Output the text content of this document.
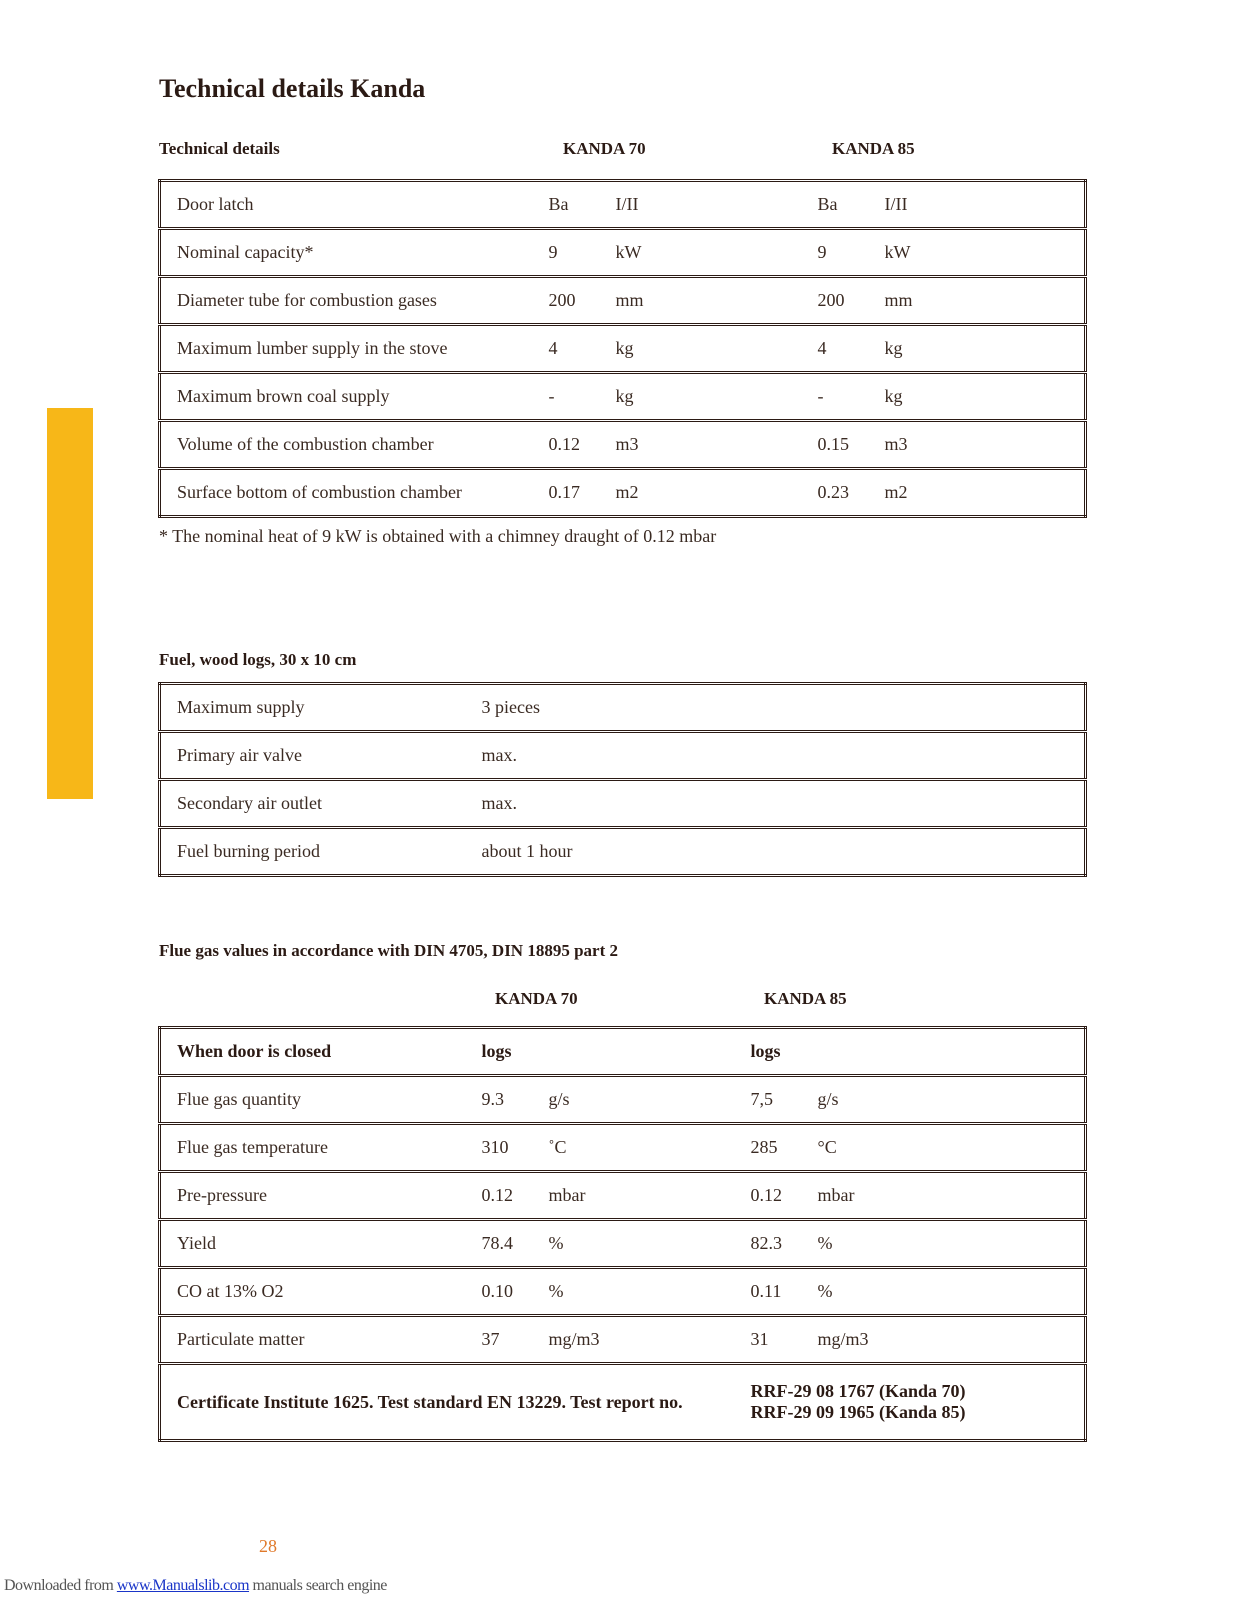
Technical details Kanda
Technical details	KANDA 70	KANDA 85
Door latch	Ba	I/II	Ba	I/II
Nominal capacity*	9	kW	9	kW
Diameter tube for combustion gases	200	mm	200	mm
Maximum lumber supply in the stove	4	kg	4	kg
Maximum brown coal supply	-	kg	-	kg
Volume of the combustion chamber	0.12	m3	0.15	m3
Surface bottom of combustion chamber	0.17	m2	0.23	m2
* The nominal heat of 9 kW is obtained with a chimney draught of 0.12 mbar
Fuel, wood logs, 30 x 10 cm
Maximum supply	3 pieces
Primary air valve	max.
Secondary air outlet	max.
Fuel burning period	about 1 hour
Flue gas values in accordance with DIN 4705, DIN 18895 part 2
KANDA 70	KANDA 85
When door is closed	logs		logs	
Flue gas quantity	9.3	g/s	7,5	g/s
Flue gas temperature	310	˚C	285	°C
Pre-pressure	0.12	mbar	0.12	mbar
Yield	78.4	%	82.3	%
CO at 13% O2	0.10	%	0.11	%
Particulate matter	37	mg/m3	31	mg/m3
Certificate Institute 1625. Test standard EN 13229. Test report no.			RRF-29 08 1767 (Kanda 70)
RRF-29 09 1965 (Kanda 85)	
28
Downloaded from www.Manualslib.com manuals search engine
